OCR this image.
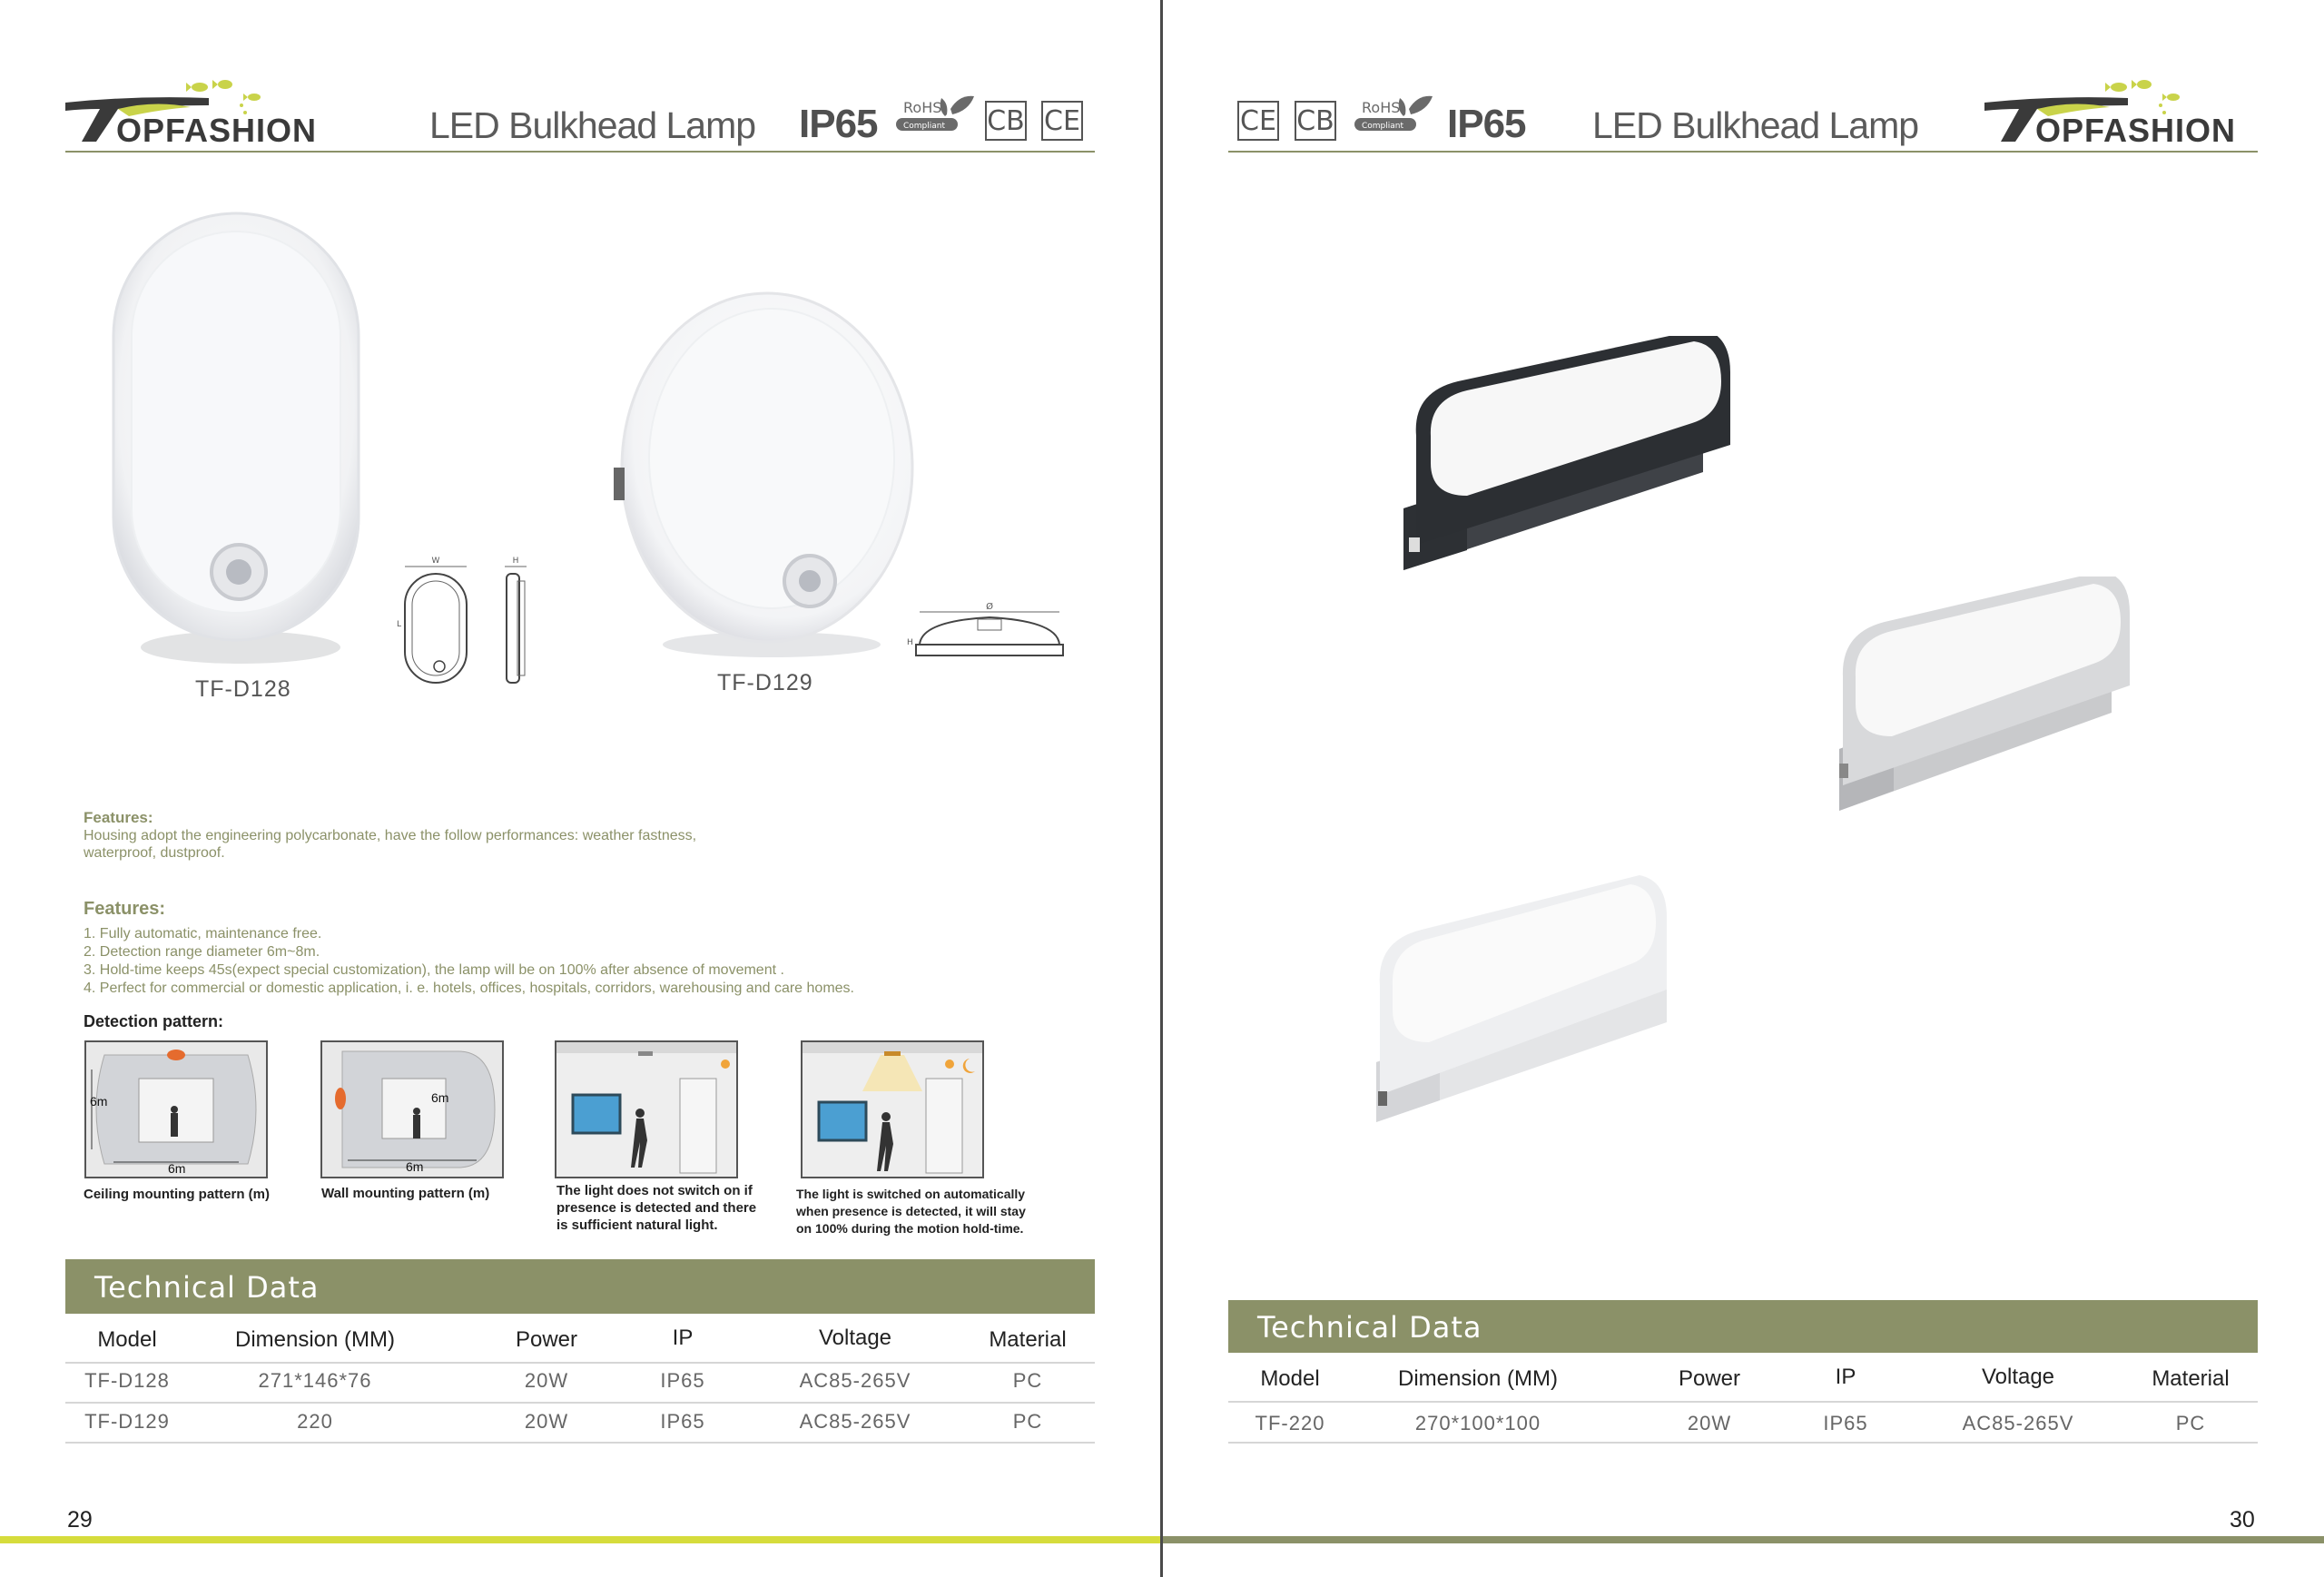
OPFASHION	LED Bulkhead Lamp IP65 RoHS
Compliant CB CE
TF-D128
W
L
H
TF-D129
Ø
H
Features:
Housing adopt the engineering polycarbonate, have the follow performances: weather fastness,
waterproof, dustproof.
Features:
1. Fully automatic, maintenance free.
2. Detection range diameter 6m~8m.
3. Hold-time keeps 45s(expect special customization), the lamp will be on 100% after absence of movement .
4. Perfect for commercial or domestic application, i. e. hotels, offices, hospitals, corridors, warehousing and care homes.
Detection pattern:
6m
6m
Ceiling mounting pattern (m)
6m
6m
Wall mounting pattern (m)	The light does not switch on if
presence is detected and there
is sufficient natural light.
The light is switched on automatically
when presence is detected, it will stay
on 100% during the motion hold-time.
Technical Data
Model	Dimension (MM)	Power	IP	Voltage	Material
TF-D128	271*146*76	20W	IP65	AC85-265V	PC
TF-D129	220	20W	IP65	AC85-265V	PC
29
CE CB RoHS
Compliant IP65 LED Bulkhead Lamp	OPFASHION
Technical Data
Model	Dimension (MM)	Power	IP	Voltage	Material
TF-220	270*100*100	20W	IP65	AC85-265V	PC
30
